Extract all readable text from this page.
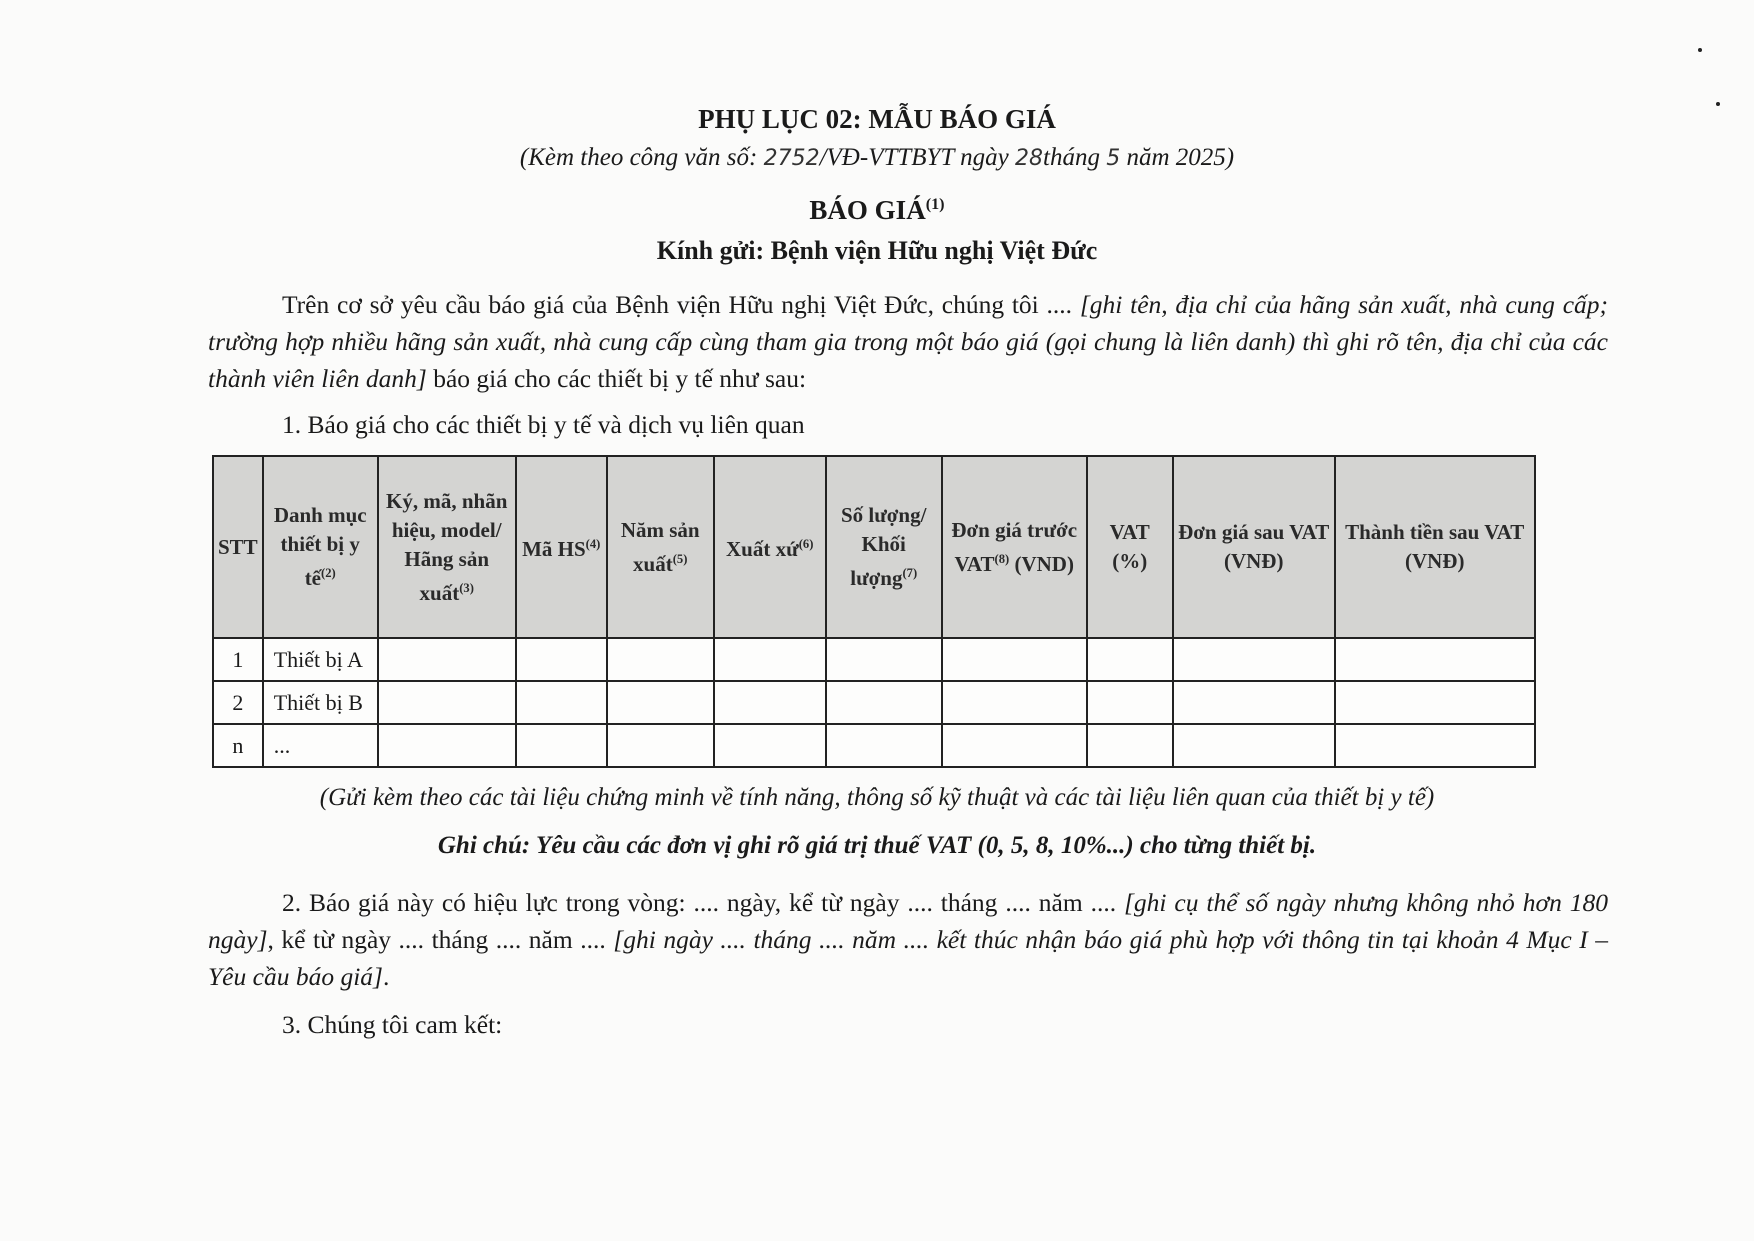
PHỤ LỤC 02: MẪU BÁO GIÁ
(Kèm theo công văn số: 2752/VĐ-VTTBYT ngày 28tháng 5 năm 2025)
BÁO GIÁ$^{(1)}$
Kính gửi: Bệnh viện Hữu nghị Việt Đức
Trên cơ sở yêu cầu báo giá của Bệnh viện Hữu nghị Việt Đức, chúng tôi .... [ghi tên, địa chỉ của hãng sản xuất, nhà cung cấp; trường hợp nhiều hãng sản xuất, nhà cung cấp cùng tham gia trong một báo giá (gọi chung là liên danh) thì ghi rõ tên, địa chỉ của các thành viên liên danh] báo giá cho các thiết bị y tế như sau:
1. Báo giá cho các thiết bị y tế và dịch vụ liên quan
STT	Danh mục thiết bị y tế$^{(2)}$	Ký, mã, nhãn hiệu, model/ Hãng sản xuất$^{(3)}$	Mã HS$^{(4)}$	Năm sản xuất$^{(5)}$	Xuất xứ$^{(6)}$	Số lượng/ Khối lượng$^{(7)}$	Đơn giá trước VAT$^{(8)}$ (VND)	VAT (%)	Đơn giá sau VAT (VNĐ)	Thành tiền sau VAT (VNĐ)
1	Thiết bị A									
2	Thiết bị B									
n	...									
(Gửi kèm theo các tài liệu chứng minh về tính năng, thông số kỹ thuật và các tài liệu liên quan của thiết bị y tế)
Ghi chú: Yêu cầu các đơn vị ghi rõ giá trị thuế VAT (0, 5, 8, 10%...) cho từng thiết bị.
2. Báo giá này có hiệu lực trong vòng: .... ngày, kể từ ngày .... tháng .... năm .... [ghi cụ thể số ngày nhưng không nhỏ hơn 180 ngày], kể từ ngày .... tháng .... năm .... [ghi ngày .... tháng .... năm .... kết thúc nhận báo giá phù hợp với thông tin tại khoản 4 Mục I – Yêu cầu báo giá].
3. Chúng tôi cam kết:
